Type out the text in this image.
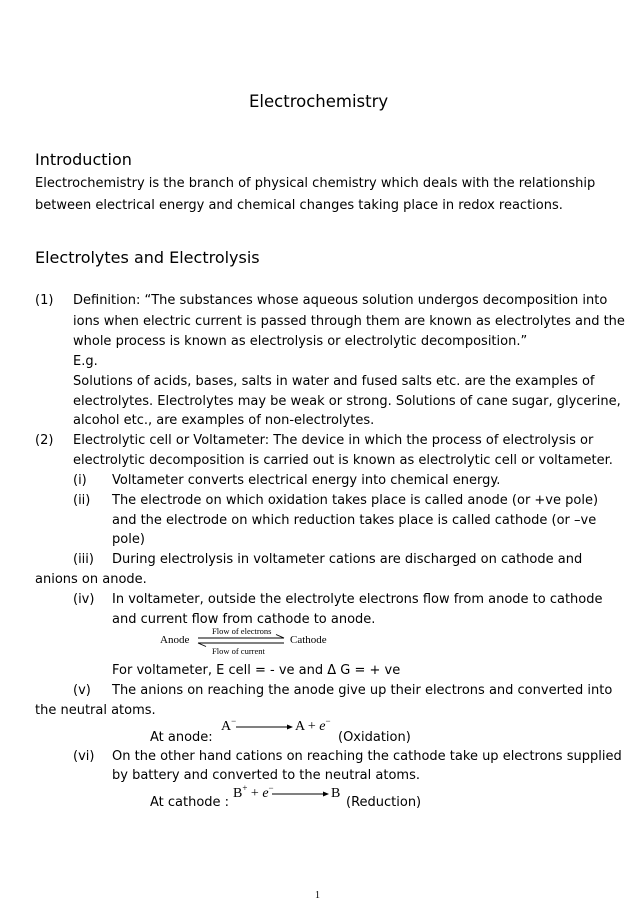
Electrochemistry
Introduction
Electrochemistry is the branch of physical chemistry which deals with the relationship
between electrical energy and chemical changes taking place in redox reactions.
Electrolytes and Electrolysis
(1) Definition: “The substances whose aqueous solution undergos decomposition into
ions when electric current is passed through them are known as electrolytes and the
whole process is known as electrolysis or electrolytic decomposition.”
E.g.
Solutions of acids, bases, salts in water and fused salts etc. are the examples of
electrolytes. Electrolytes may be weak or strong. Solutions of cane sugar, glycerine,
alcohol etc., are examples of non-electrolytes.
(2) Electrolytic cell or Voltameter: The device in which the process of electrolysis or
electrolytic decomposition is carried out is known as electrolytic cell or voltameter.
(i) Voltameter converts electrical energy into chemical energy.
(ii) The electrode on which oxidation takes place is called anode (or +ve pole)
and the electrode on which reduction takes place is called cathode (or –ve
pole)
(iii) During electrolysis in voltameter cations are discharged on cathode and
anions on anode.
(iv) In voltameter, outside the electrolyte electrons flow from anode to cathode
and current flow from cathode to anode.
Anode
Flow of electrons
Flow of current
Cathode
For voltameter, E cell = - ve and Δ G = + ve
(v) The anions on reaching the anode give up their electrons and converted into
the neutral atoms.
At anode:
A−	A + e−
(Oxidation)
(vi) On the other hand cations on reaching the cathode take up electrons supplied
by battery and converted to the neutral atoms.
At cathode :
B+ + e−	B
(Reduction)
1
